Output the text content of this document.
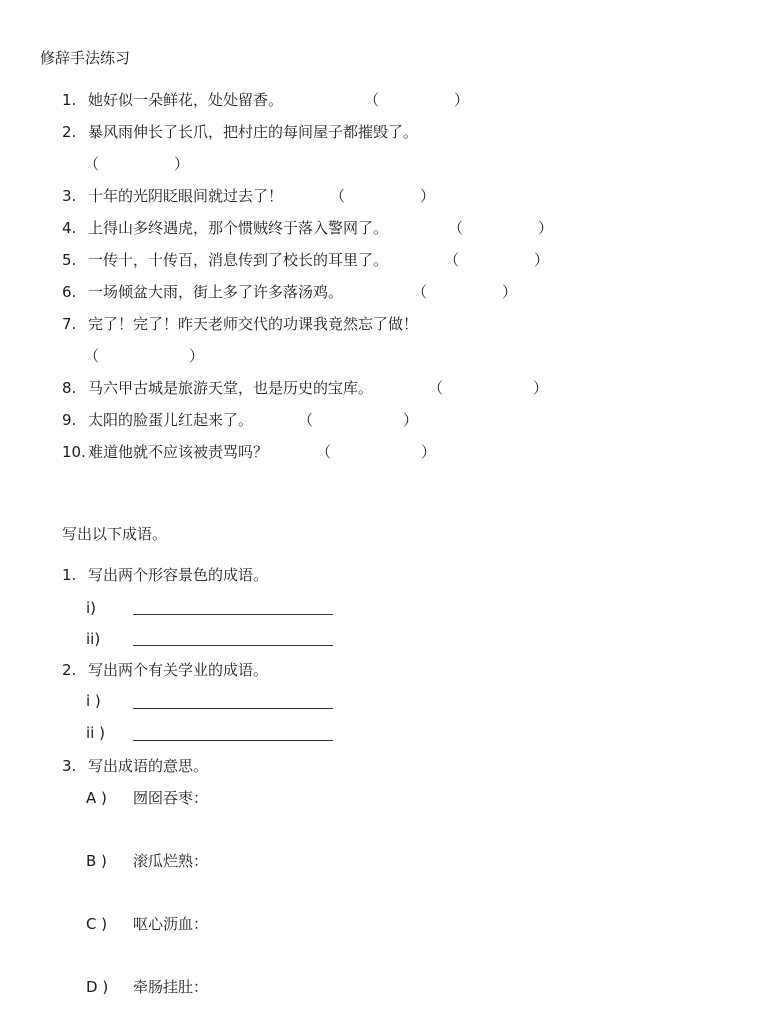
修辞手法练习
1. 她好似一朵鲜花，处处留香。	（　　　　　）
2. 暴风雨伸长了长爪，把村庄的每间屋子都摧毁了。
（　　　　　）
3. 十年的光阴眨眼间就过去了！	（　　　　　）
4. 上得山多终遇虎，那个惯贼终于落入警网了。	（　　　　　）
5. 一传十，十传百，消息传到了校长的耳里了。	（　　　　　）
6. 一场倾盆大雨，街上多了许多落汤鸡。	（　　　　　）
7. 完了！完了！昨天老师交代的功课我竟然忘了做！
（　　　　　　）
8. 马六甲古城是旅游天堂，也是历史的宝库。	（　　　　　　）
9. 太阳的脸蛋儿红起来了。	（　　　　　　）
10. 难道他就不应该被责骂吗？	（　　　　　　）
写出以下成语。
1. 写出两个形容景色的成语。
i)
ii)
2. 写出两个有关学业的成语。
i )
ii )
3. 写出成语的意思。
A ) 囫囵吞枣：
B ) 滚瓜烂熟：
C ) 呕心沥血：
D ) 牵肠挂肚：
